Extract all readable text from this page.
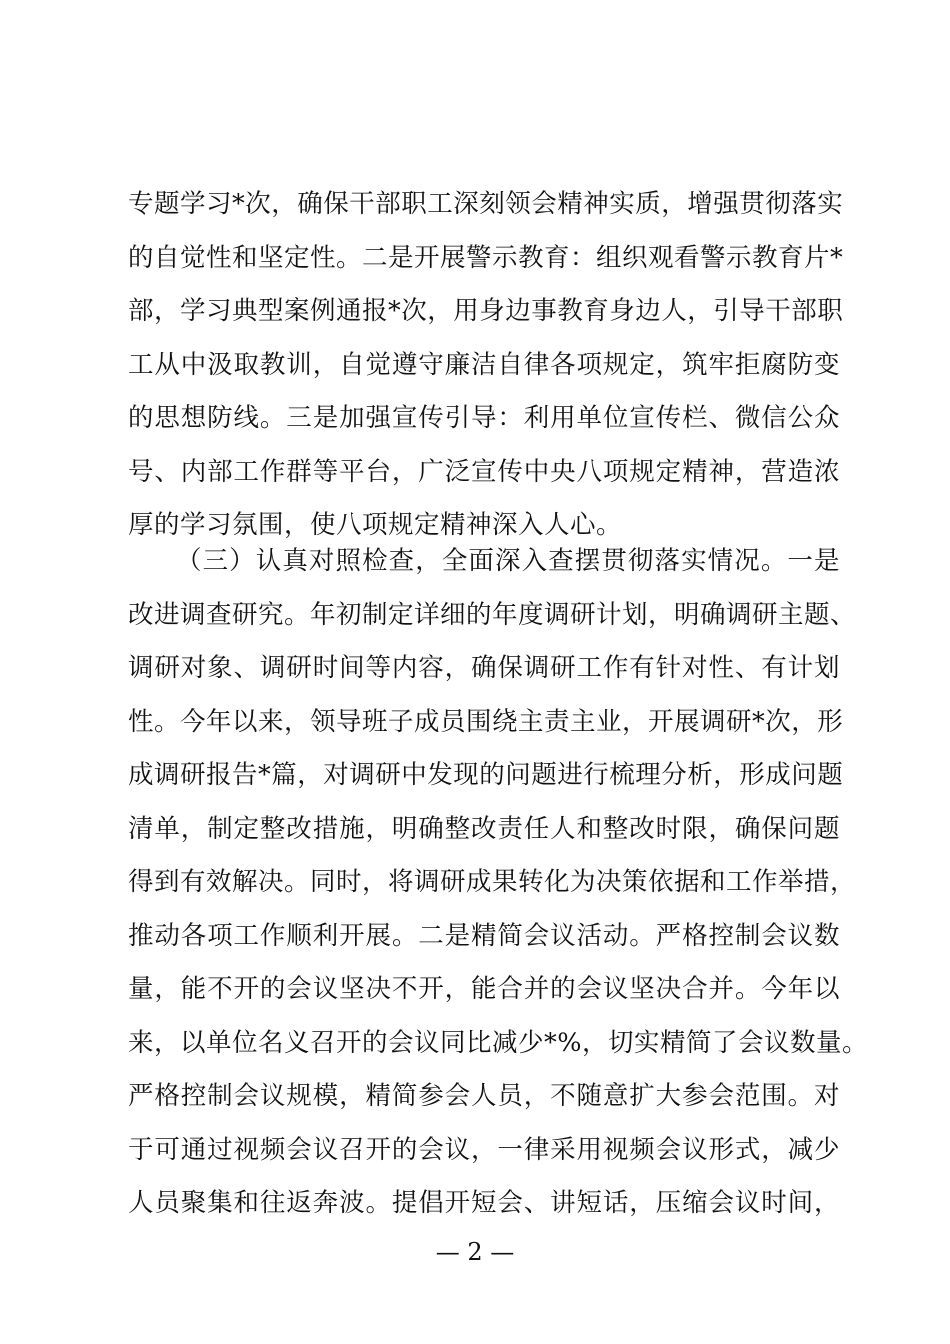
专题学习*次，确保干部职工深刻领会精神实质，增强贯彻落实
的自觉性和坚定性。二是开展警示教育：组织观看警示教育片*
部，学习典型案例通报*次，用身边事教育身边人，引导干部职
工从中汲取教训，自觉遵守廉洁自律各项规定，筑牢拒腐防变
的思想防线。三是加强宣传引导：利用单位宣传栏、微信公众
号、内部工作群等平台，广泛宣传中央八项规定精神，营造浓
厚的学习氛围，使八项规定精神深入人心。
（三）认真对照检查，全面深入查摆贯彻落实情况。一是
改进调查研究。年初制定详细的年度调研计划，明确调研主题、
调研对象、调研时间等内容，确保调研工作有针对性、有计划
性。今年以来，领导班子成员围绕主责主业，开展调研*次，形
成调研报告*篇，对调研中发现的问题进行梳理分析，形成问题
清单，制定整改措施，明确整改责任人和整改时限，确保问题
得到有效解决。同时，将调研成果转化为决策依据和工作举措，
推动各项工作顺利开展。二是精简会议活动。严格控制会议数
量，能不开的会议坚决不开，能合并的会议坚决合并。今年以
来，以单位名义召开的会议同比减少*%，切实精简了会议数量。
严格控制会议规模，精简参会人员，不随意扩大参会范围。对
于可通过视频会议召开的会议，一律采用视频会议形式，减少
人员聚集和往返奔波。提倡开短会、讲短话，压缩会议时间，
— 2 —
